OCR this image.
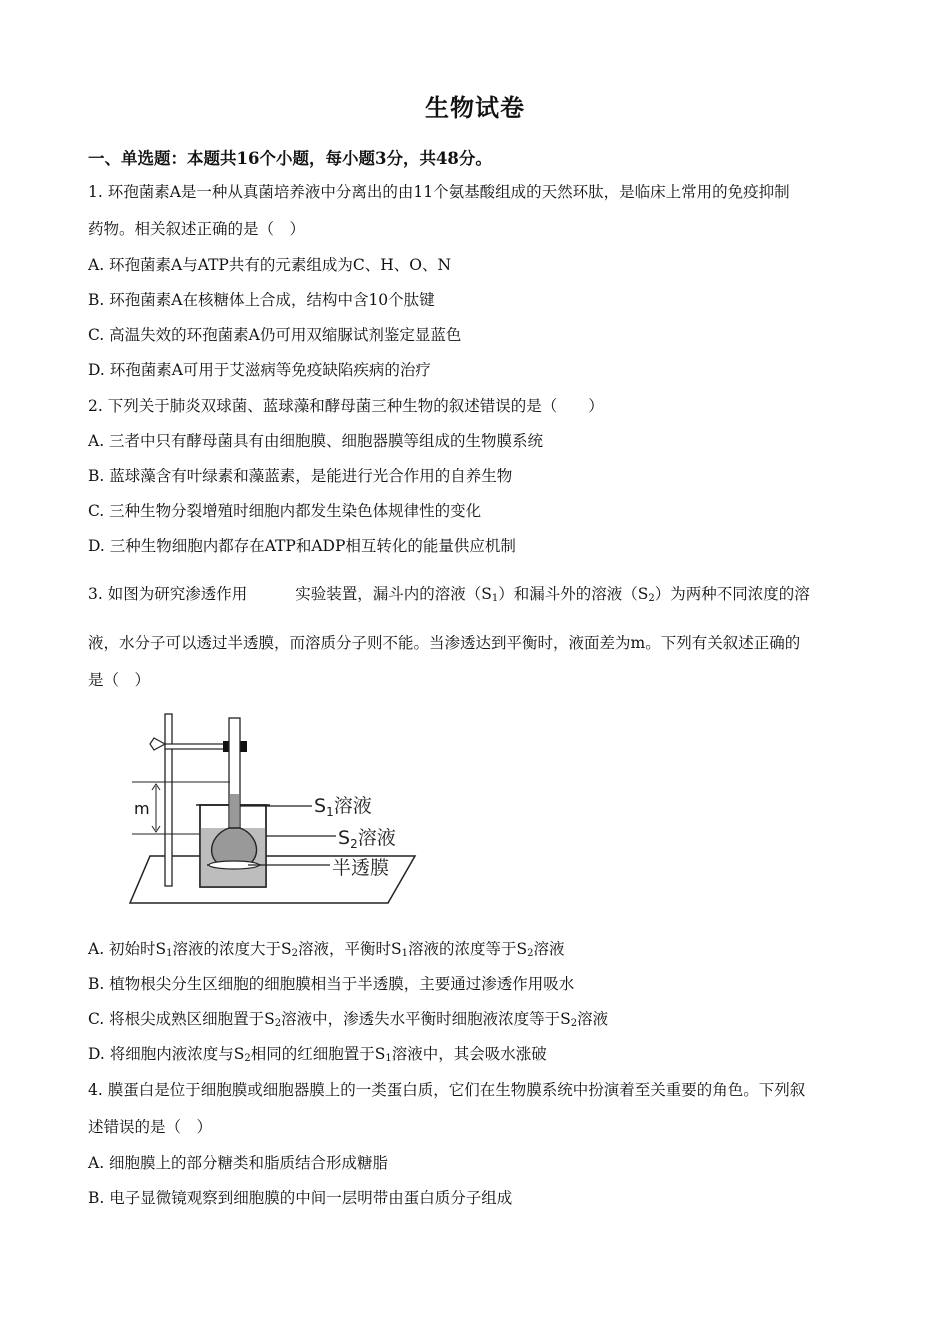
生物试卷
一、单选题：本题共16个小题，每小题3分，共48分。
1. 环孢菌素A是一种从真菌培养液中分离出的由11个氨基酸组成的天然环肽，是临床上常用的免疫抑制
药物。相关叙述正确的是（　）
A. 环孢菌素A与ATP共有的元素组成为C、H、O、N
B. 环孢菌素A在核糖体上合成，结构中含10个肽键
C. 高温失效的环孢菌素A仍可用双缩脲试剂鉴定显蓝色
D. 环孢菌素A可用于艾滋病等免疫缺陷疾病的治疗
2. 下列关于肺炎双球菌、蓝球藻和酵母菌三种生物的叙述错误的是（　　）
A. 三者中只有酵母菌具有由细胞膜、细胞器膜等组成的生物膜系统
B. 蓝球藻含有叶绿素和藻蓝素，是能进行光合作用的自养生物
C. 三种生物分裂增殖时细胞内都发生染色体规律性的变化
D. 三种生物细胞内都存在ATP和ADP相互转化的能量供应机制
3. 如图为研究渗透作用	实验装置，漏斗内的溶液$(S_1)$和漏斗外的溶液$(S_2)$为两种不同浓度的溶
液，水分子可以透过半透膜，而溶质分子则不能。当渗透达到平衡时，液面差为m。下列有关叙述正确的
是（　）
m	$S_1$溶液
$S_2$溶液
半透膜
A. 初始时$S_1$溶液的浓度大于$S_2$溶液，平衡时$S_1$溶液的浓度等于$S_2$溶液
B. 植物根尖分生区细胞的细胞膜相当于半透膜，主要通过渗透作用吸水
C. 将根尖成熟区细胞置于$S_2$溶液中，渗透失水平衡时细胞液浓度等于$S_2$溶液
D. 将细胞内液浓度与$S_2$相同的红细胞置于$S_1$溶液中，其会吸水涨破
4. 膜蛋白是位于细胞膜或细胞器膜上的一类蛋白质，它们在生物膜系统中扮演着至关重要的角色。下列叙
述错误的是（　）
A. 细胞膜上的部分糖类和脂质结合形成糖脂
B. 电子显微镜观察到细胞膜的中间一层明带由蛋白质分子组成
